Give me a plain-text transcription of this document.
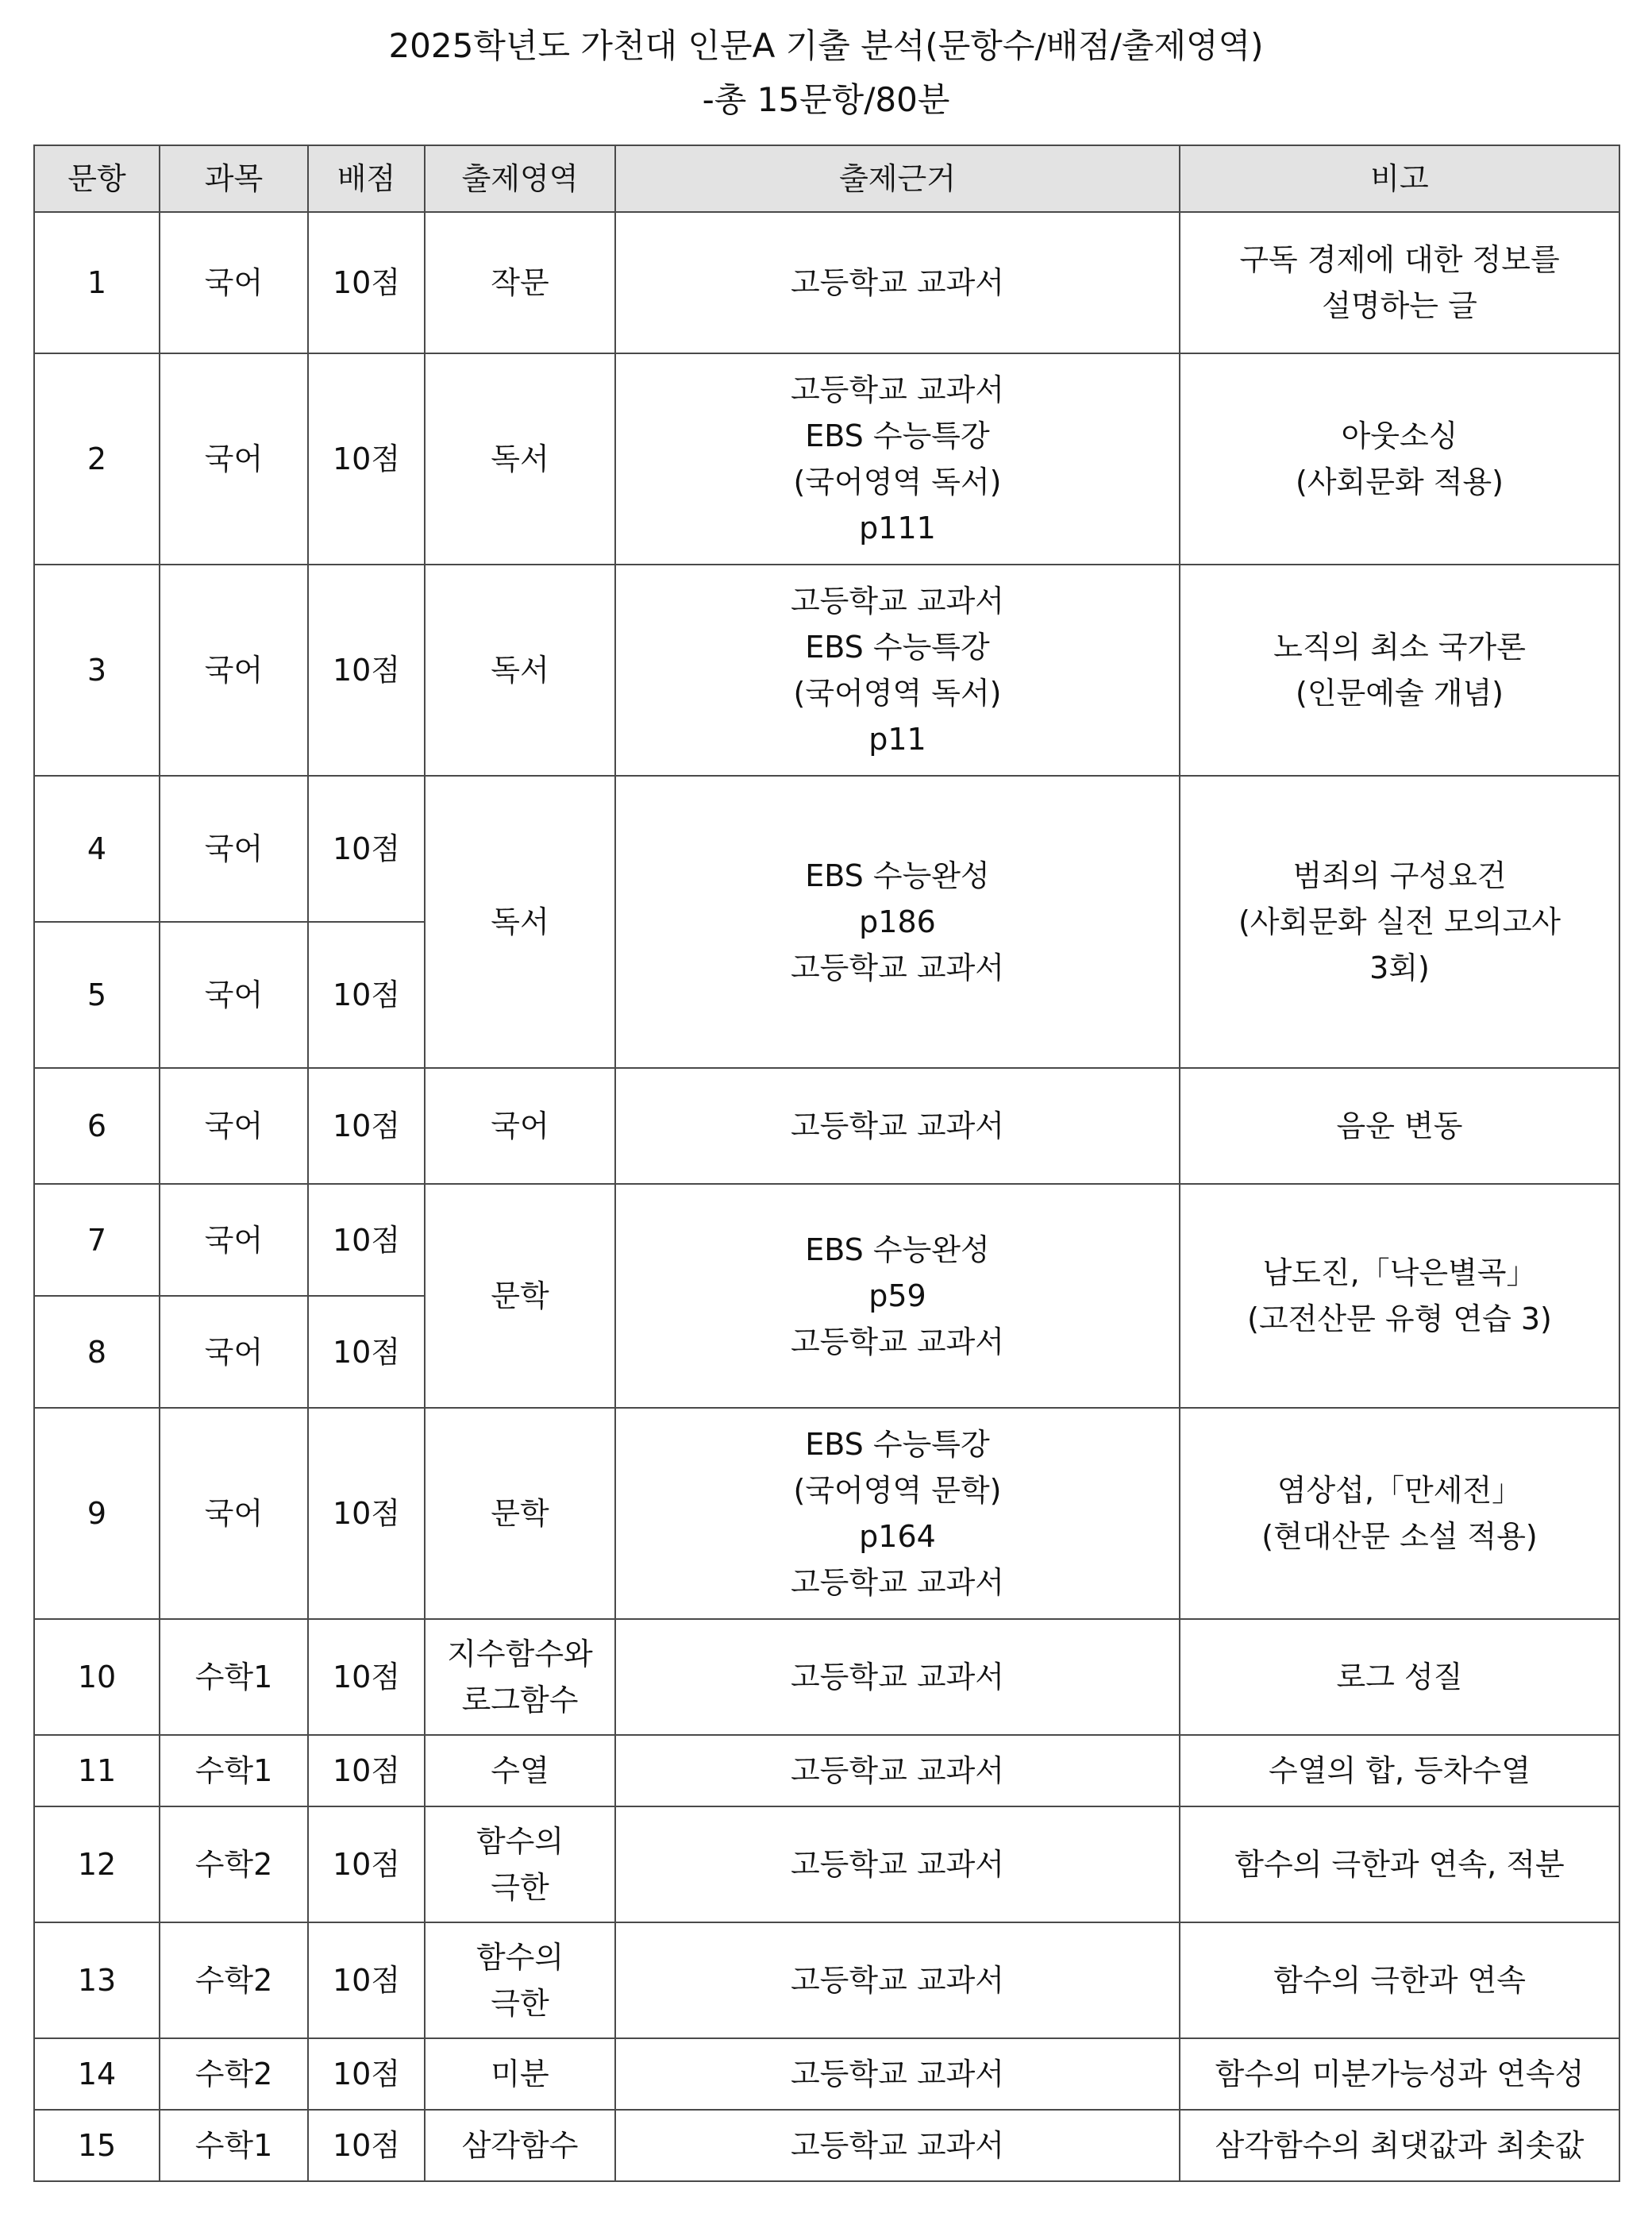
2025학년도 가천대 인문A 기출 분석(문항수/배점/출제영역)
-총 15문항/80분
문항	과목	배점	출제영역	출제근거	비고
1	국어	10점	작문	고등학교 교과서	구독 경제에 대한 정보를
설명하는 글

2	국어	10점	독서	고등학교 교과서
EBS 수능특강
(국어영역 독서)
p111	아웃소싱
(사회문화 적용)

3	국어	10점	독서	고등학교 교과서
EBS 수능특강
(국어영역 독서)
p11	노직의 최소 국가론
(인문예술 개념)

4	국어	10점	독서	EBS 수능완성
p186
고등학교 교과서	범죄의 구성요건
(사회문화 실전 모의고사
3회)

5	국어	10점			
6	국어	10점	국어	고등학교 교과서	음운 변동

7	국어	10점	문학	EBS 수능완성
p59
고등학교 교과서	남도진,「낙은별곡」
(고전산문 유형 연습 3)

8	국어	10점			
9	국어	10점	문학	EBS 수능특강
(국어영역 문학)
p164
고등학교 교과서	염상섭,「만세전」
(현대산문 소설 적용)

10	수학1	10점	지수함수와
로그함수	고등학교 교과서	로그 성질

11	수학1	10점	수열	고등학교 교과서	수열의 합, 등차수열

12	수학2	10점	함수의
극한	고등학교 교과서	함수의 극한과 연속, 적분

13	수학2	10점	함수의
극한	고등학교 교과서	함수의 극한과 연속

14	수학2	10점	미분	고등학교 교과서	함수의 미분가능성과 연속성

15	수학1	10점	삼각함수	고등학교 교과서	삼각함수의 최댓값과 최솟값
